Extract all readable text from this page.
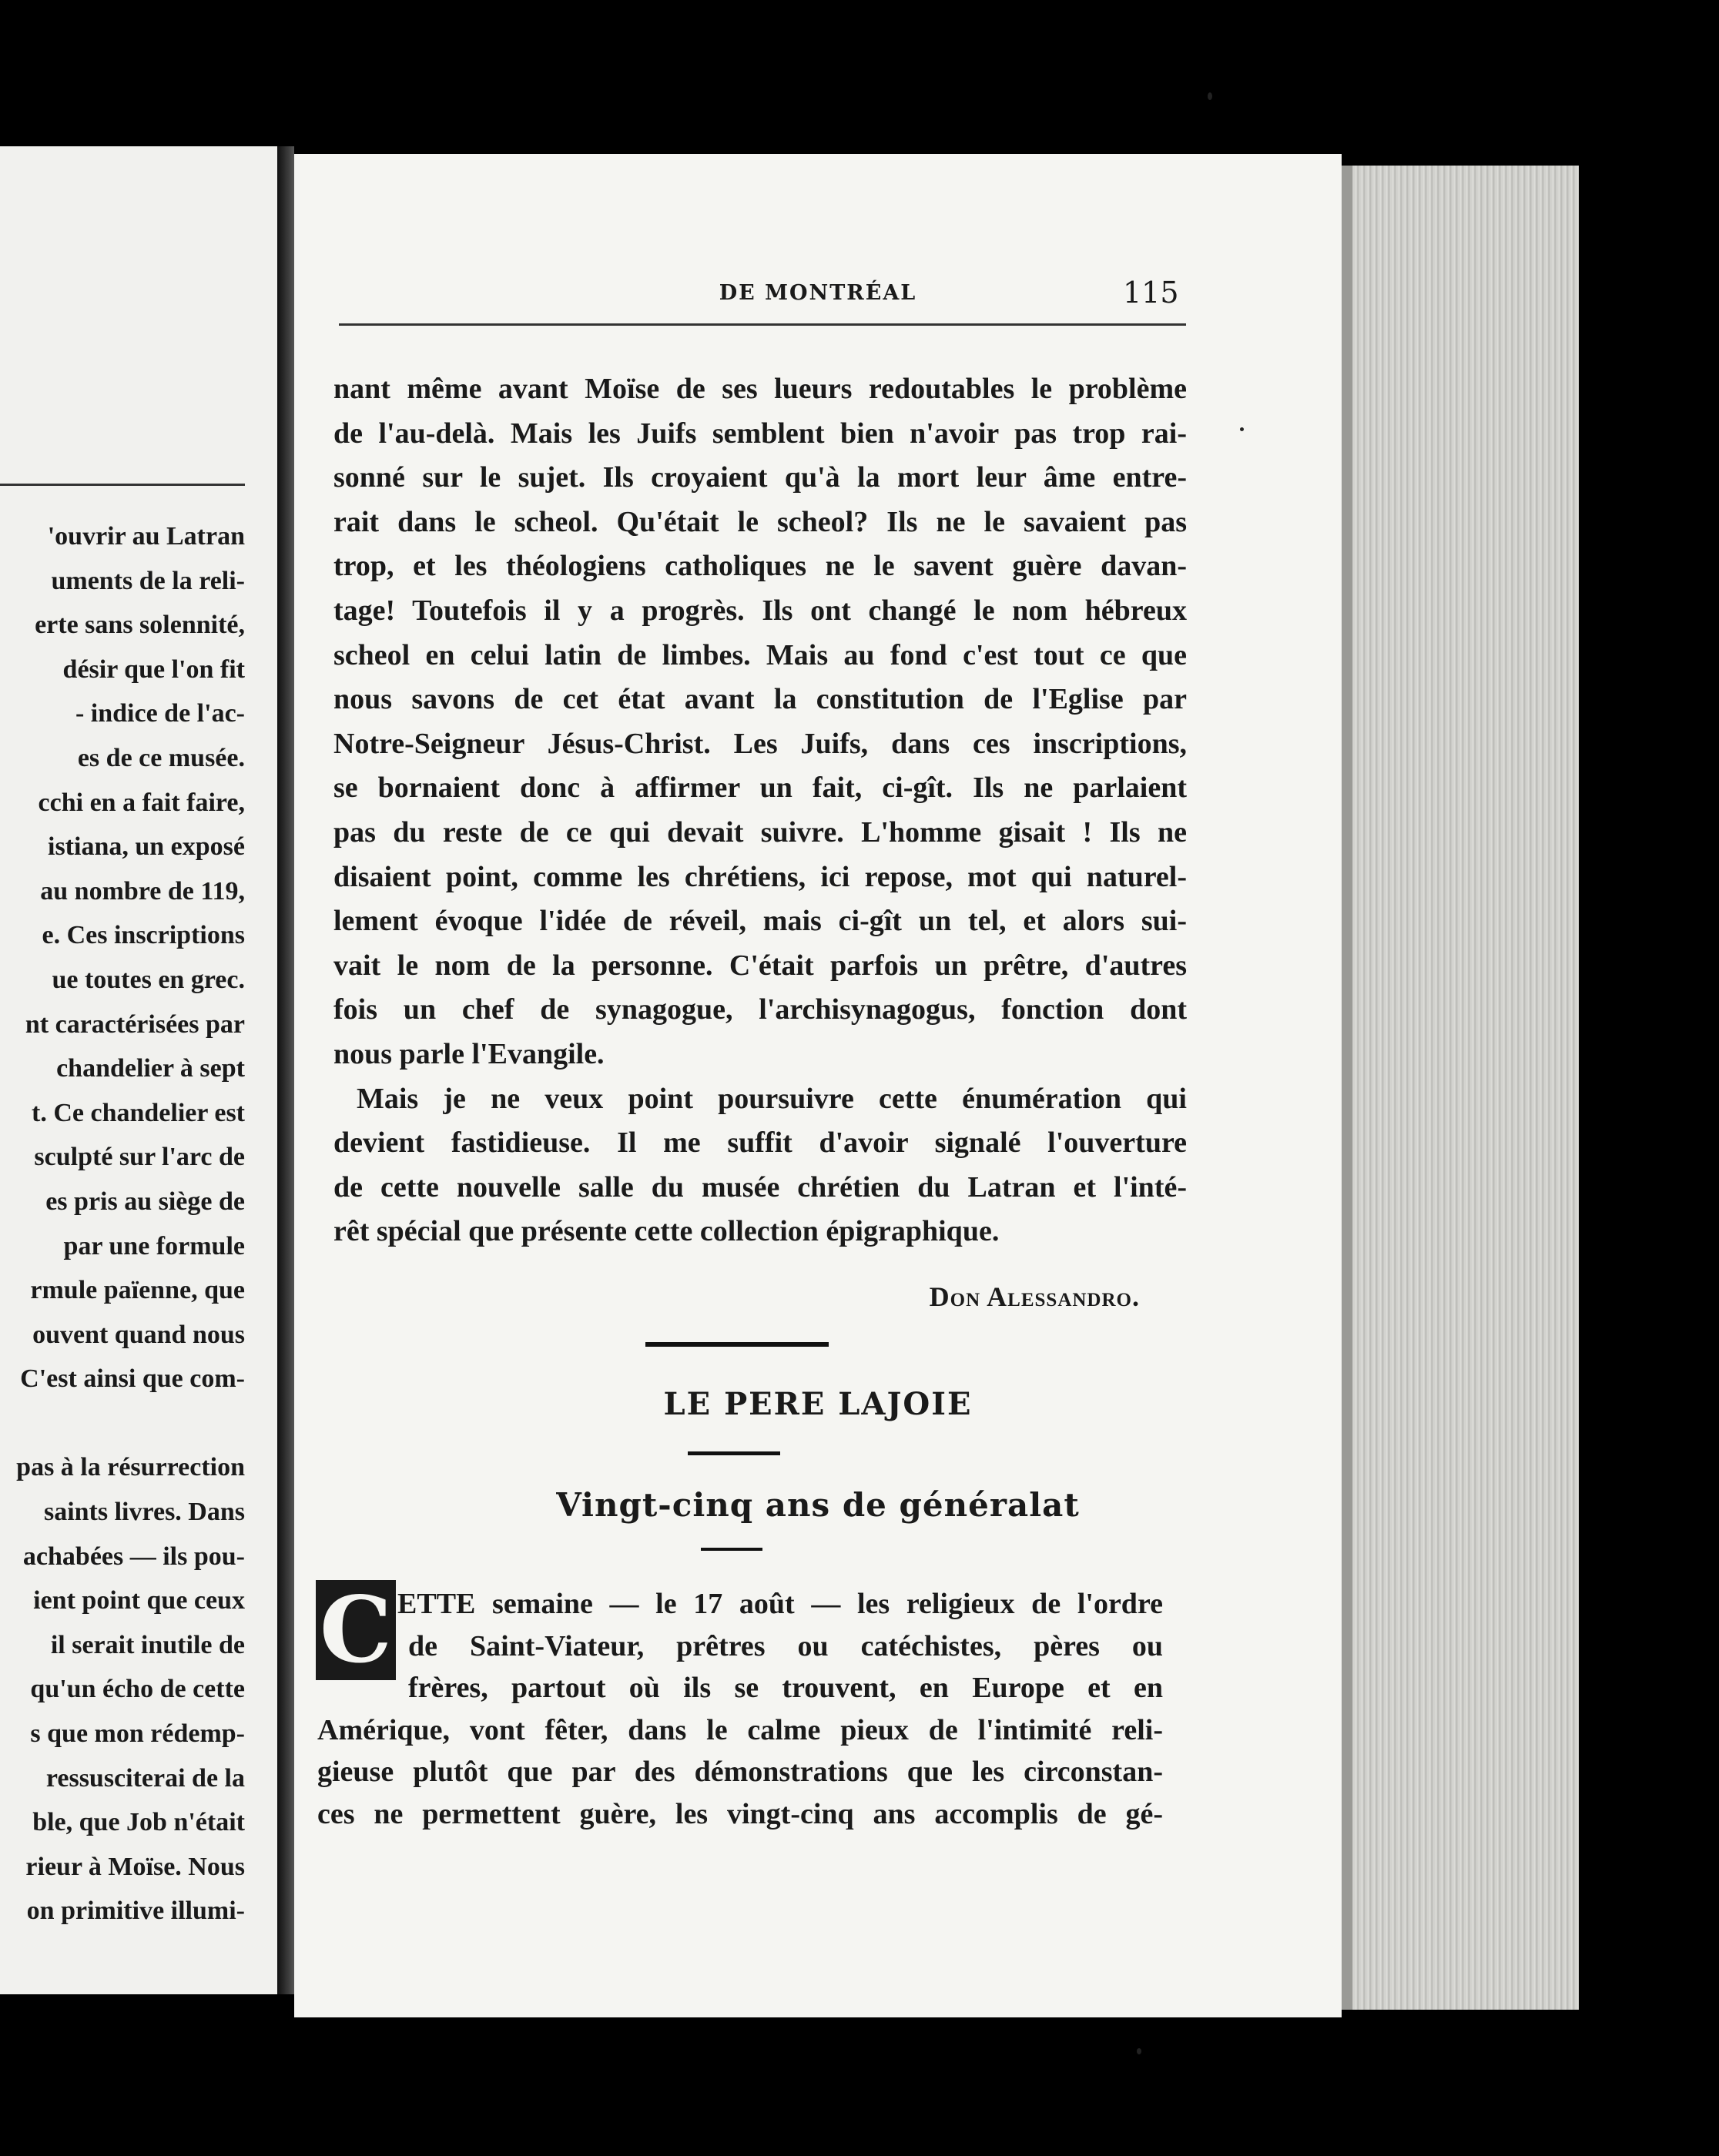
'ouvrir au Latran
uments de la reli-
erte sans solennité,
désir que l'on fit
- indice de l'ac-
es de ce musée.
cchi en a fait faire,
istiana, un exposé
au nombre de 119,
e. Ces inscriptions
ue toutes en grec.
nt caractérisées par
chandelier à sept
t. Ce chandelier est
sculpté sur l'arc de
es pris au siège de
par une formule
rmule païenne, que
ouvent quand nous
C'est ainsi que com-
pas à la résurrection
saints livres. Dans
achabées — ils pou-
ient point que ceux
il serait inutile de
qu'un écho de cette
s que mon rédemp-
ressusciterai de la
ble, que Job n'était
rieur à Moïse. Nous
on primitive illumi-
DE MONTRÉAL	115
nant même avant Moïse de ses lueurs redoutables le problème
de l'au-delà. Mais les Juifs semblent bien n'avoir pas trop rai-
sonné sur le sujet. Ils croyaient qu'à la mort leur âme entre-
rait dans le scheol. Qu'était le scheol? Ils ne le savaient pas
trop, et les théologiens catholiques ne le savent guère davan-
tage! Toutefois il y a progrès. Ils ont changé le nom hébreux
scheol en celui latin de limbes. Mais au fond c'est tout ce que
nous savons de cet état avant la constitution de l'Eglise par
Notre-Seigneur Jésus-Christ. Les Juifs, dans ces inscriptions,
se bornaient donc à affirmer un fait, ci-gît. Ils ne parlaient
pas du reste de ce qui devait suivre. L'homme gisait ! Ils ne
disaient point, comme les chrétiens, ici repose, mot qui naturel-
lement évoque l'idée de réveil, mais ci-gît un tel, et alors sui-
vait le nom de la personne. C'était parfois un prêtre, d'autres
fois un chef de synagogue, l'archisynagogus, fonction dont
nous parle l'Evangile.
Mais je ne veux point poursuivre cette énumération qui
devient fastidieuse. Il me suffit d'avoir signalé l'ouverture
de cette nouvelle salle du musée chrétien du Latran et l'inté-
rêt spécial que présente cette collection épigraphique.
Don Alessandro.
LE PERE LAJOIE
Vingt-cinq ans de généralat
C ETTE semaine — le 17 août — les religieux de l'ordre
de Saint-Viateur, prêtres ou catéchistes, pères ou
frères, partout où ils se trouvent, en Europe et en
Amérique, vont fêter, dans le calme pieux de l'intimité reli-
gieuse plutôt que par des démonstrations que les circonstan-
ces ne permettent guère, les vingt-cinq ans accomplis de gé-
